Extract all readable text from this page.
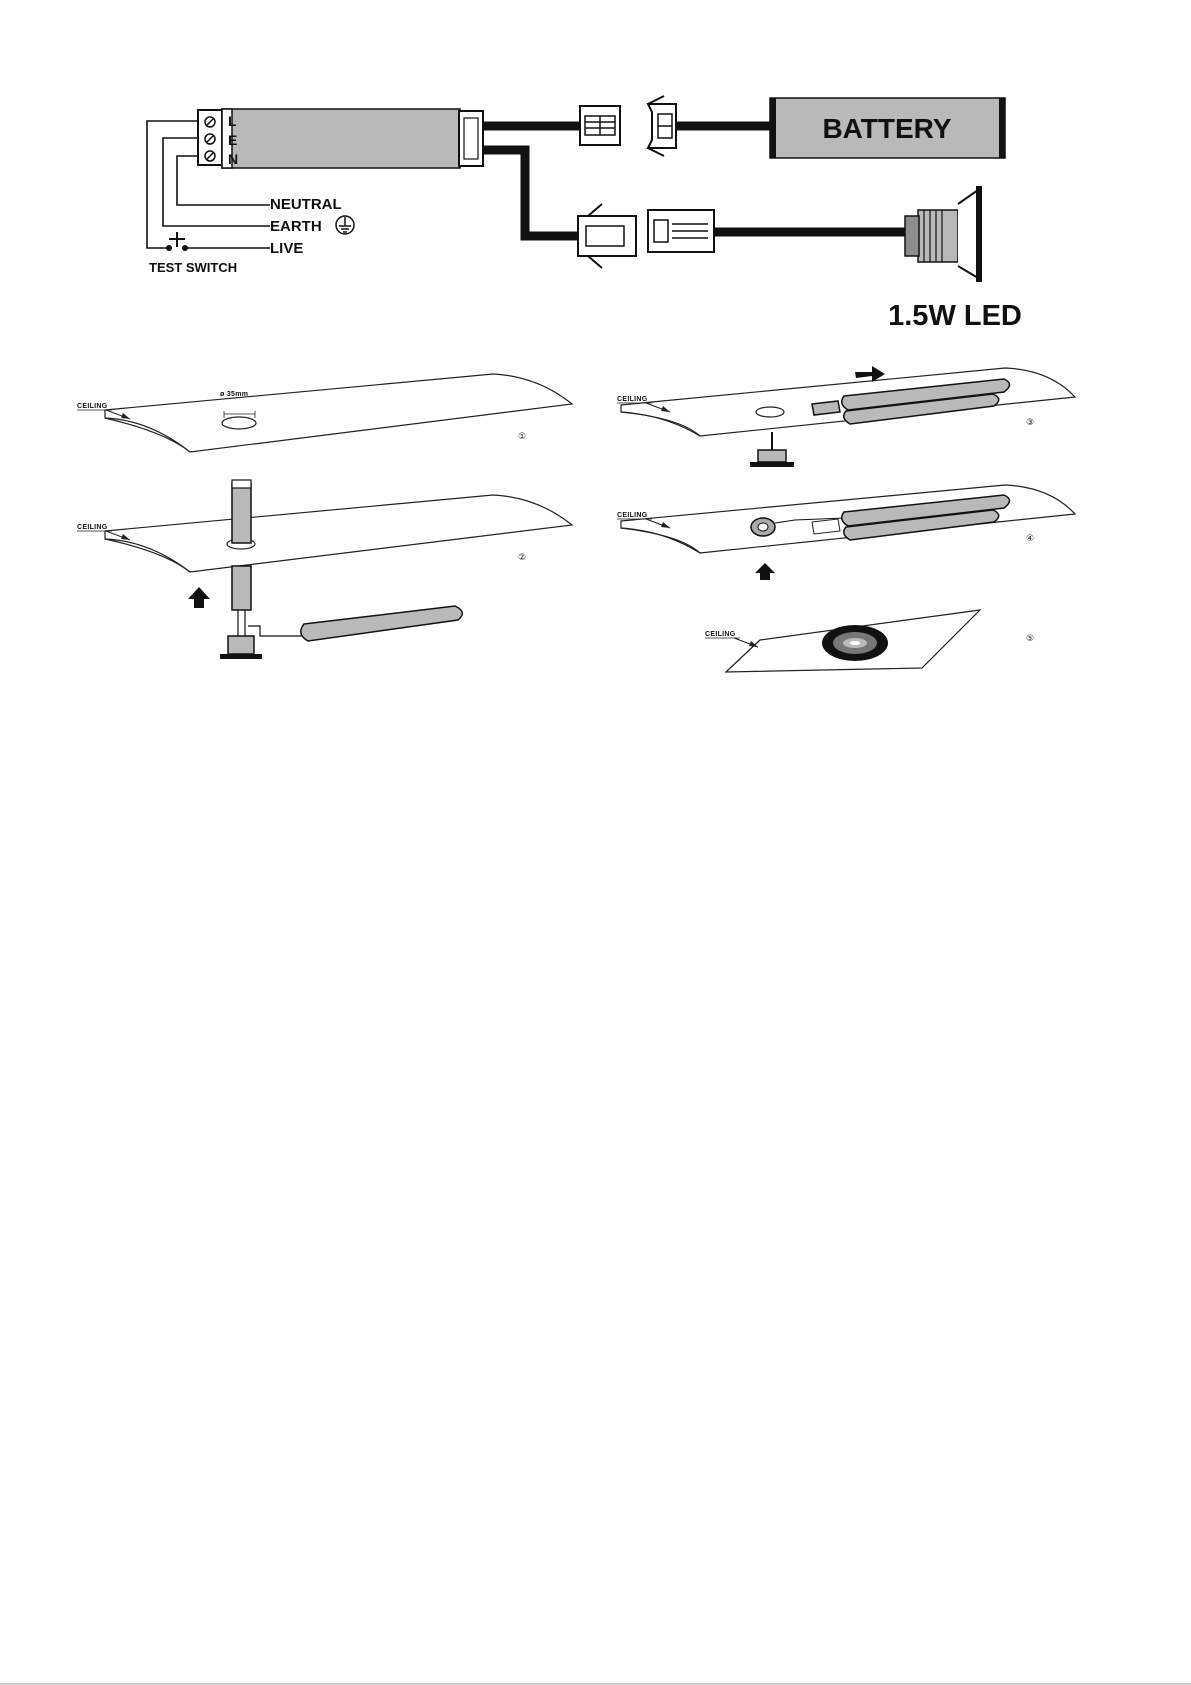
L
E
N
NEUTRAL
EARTH
LIVE
TEST SWITCH
BATTERY
1.5W LED
ø 35mm
CEILING
①
CEILING
②
CEILING
③
CEILING
④
CEILING	⑤
